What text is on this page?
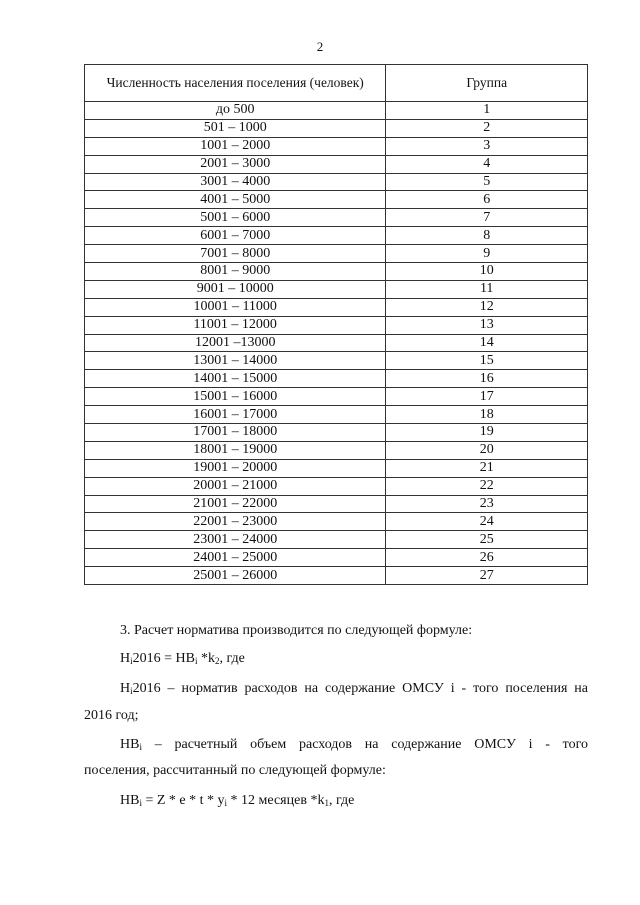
2
Численность населения поселения (человек)	Группа
до 500	1
501 – 1000	2
1001 – 2000	3
2001 – 3000	4
3001 – 4000	5
4001 – 5000	6
5001 – 6000	7
6001 – 7000	8
7001 – 8000	9
8001 – 9000	10
9001 – 10000	11
10001 – 11000	12
11001 – 12000	13
12001 –13000	14
13001 – 14000	15
14001 – 15000	16
15001 – 16000	17
16001 – 17000	18
17001 – 18000	19
18001 – 19000	20
19001 – 20000	21
20001 – 21000	22
21001 – 22000	23
22001 – 23000	24
23001 – 24000	25
24001 – 25000	26
25001 – 26000	27
3. Расчет норматива производится по следующей формуле:
$Н_i2016 = НВ_i$ $*k_2$, где
$Н_i2016$ – норматив расходов на содержание ОМСУ i - того поселения на
2016 год;
$НВ_i$ – расчетный объем расходов на содержание ОМСУ i - того
поселения, рассчитанный по следующей формуле:
$НВ_i = Z * e * t * y_i * 12$ месяцев $*k_1$, где
